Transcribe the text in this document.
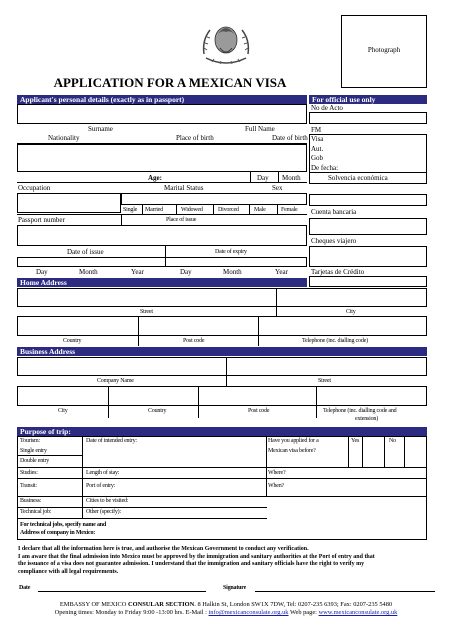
Photograph
APPLICATION FOR A MEXICAN VISA
Applicant's personal details (exactly as in passport)	For official use only
Surname	Full Name
Nationality	Place of birth	Date of birth
Age:	Day Month
Occupation	Marital Status	Sex
Single Married	Widowed	Divorced	Male	Female
Passport number	Place of issue
Date of issue	Date of expiry
Day	Month	Year	Day	Month	Year
No de Acto
FM
Visa
Aut.
Gob
De fecha:
Solvencia económica
Cuenta bancaria
Cheques viajero
Tarjetas de Crédito
Home Address
Street	City
Country	Post code	Telephone (inc. dialling code)
Business Address
Company Name	Street
City	Country	Post code	Telephone (inc. dialling code and
extension)
Purpose of trip:
Tourism:
Single entry
Double entry
Date of intended entry:	Have you applied for a
Mexican visa before?
Yes	No
Studies:	Length of stay:	Where?
Transit:	Port of entry:	When?
Business:	Cities to be visited:
Technical job:	Other (specify):
For technical jobs, specify name and
Address of company in Mexico:
I declare that all the information here is true, and authorise the Mexican Government to conduct any verification.
I am aware that the final admission into Mexico must be approved by the immigration and sanitary authorities at the Port of entry and that
the issuance of a visa does not guarantee admission. I understand that the immigration and sanitary officials have the right to verify my
compliance with all legal requirements.
Date	Signature
EMBASSY OF MEXICO CONSULAR SECTION. 8 Halkin St, London SW1X 7DW, Tel: 0207-235 6393; Fax: 0207-235 5480
Opening times: Monday to Friday 9:00 -13:00 hrs. E-Mail : info@mexicanconsulate.org.uk Web page: www.mexicanconsulate.org.uk
